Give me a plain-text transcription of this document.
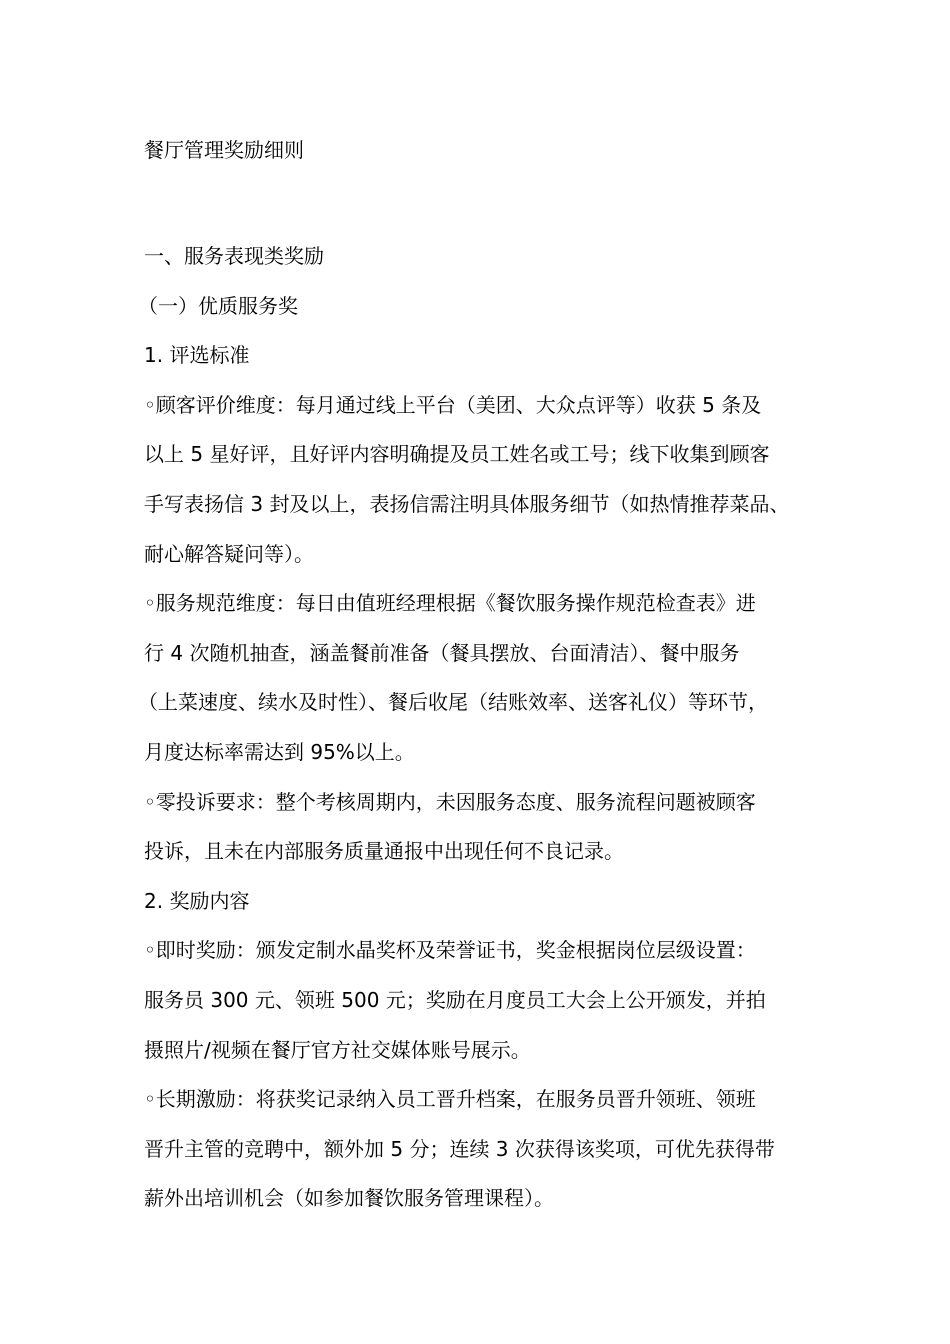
餐厅管理奖励细则
一、服务表现类奖励
（一）优质服务奖
1. 评选标准
◦顾客评价维度：每月通过线上平台（美团、大众点评等）收获 5 条及
以上 5 星好评，且好评内容明确提及员工姓名或工号；线下收集到顾客
手写表扬信 3 封及以上，表扬信需注明具体服务细节（如热情推荐菜品、
耐心解答疑问等）。
◦服务规范维度：每日由值班经理根据《餐饮服务操作规范检查表》进
行 4 次随机抽查，涵盖餐前准备（餐具摆放、台面清洁）、餐中服务
（上菜速度、续水及时性）、餐后收尾（结账效率、送客礼仪）等环节，
月度达标率需达到 95%以上。
◦零投诉要求：整个考核周期内，未因服务态度、服务流程问题被顾客
投诉，且未在内部服务质量通报中出现任何不良记录。
2. 奖励内容
◦即时奖励：颁发定制水晶奖杯及荣誉证书，奖金根据岗位层级设置：
服务员 300 元、领班 500 元；奖励在月度员工大会上公开颁发，并拍
摄照片/视频在餐厅官方社交媒体账号展示。
◦长期激励：将获奖记录纳入员工晋升档案，在服务员晋升领班、领班
晋升主管的竞聘中，额外加 5 分；连续 3 次获得该奖项，可优先获得带
薪外出培训机会（如参加餐饮服务管理课程）。
